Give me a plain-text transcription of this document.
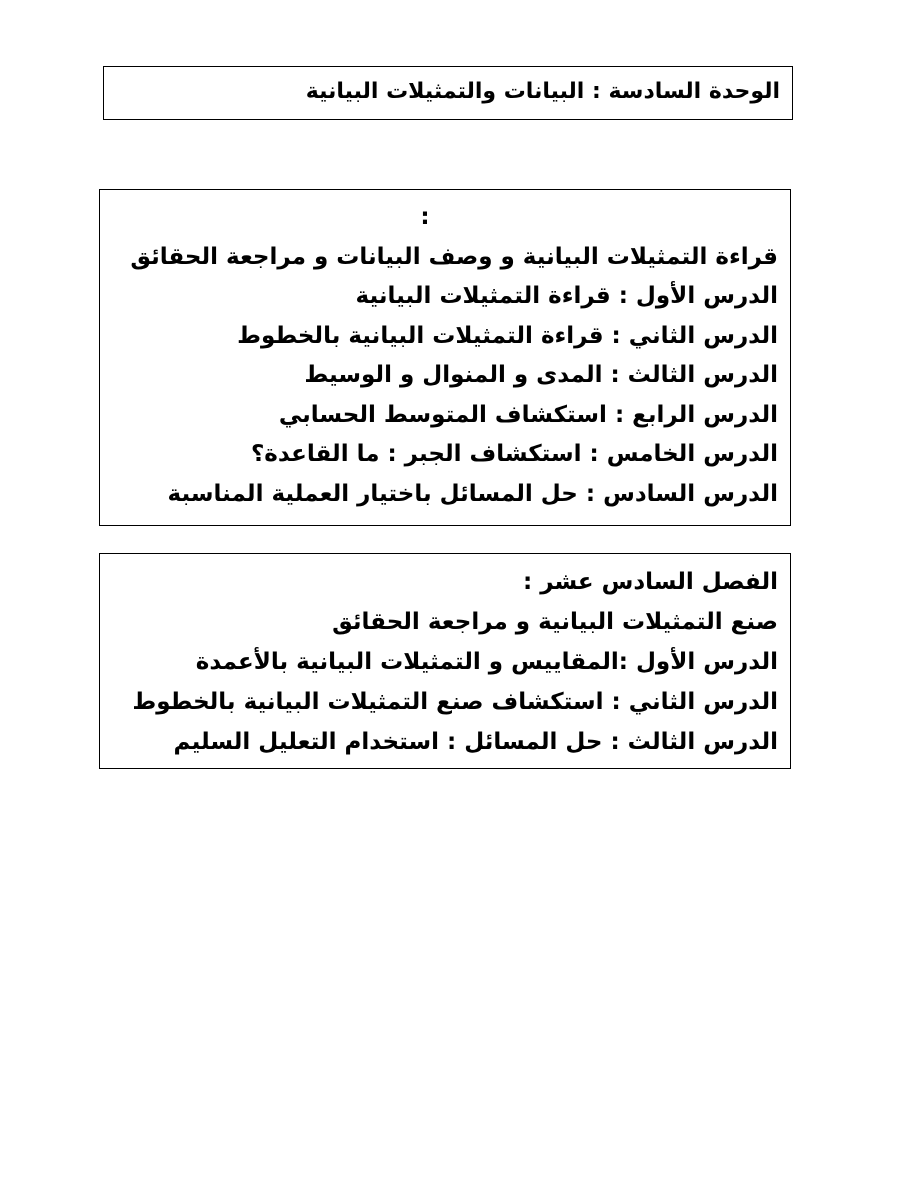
الوحدة السادسة : البيانات والتمثيلات البيانية
:
قراءة التمثيلات البيانية و وصف البيانات و مراجعة الحقائق
الدرس الأول : قراءة التمثيلات البيانية
الدرس الثاني : قراءة التمثيلات البيانية بالخطوط
الدرس الثالث : المدى و المنوال و الوسيط
الدرس الرابع : استكشاف المتوسط الحسابي
الدرس الخامس : استكشاف الجبر : ما القاعدة؟
الدرس السادس : حل المسائل باختيار العملية المناسبة
الفصل السادس عشر :
صنع التمثيلات البيانية و مراجعة الحقائق
الدرس الأول :المقاييس و التمثيلات البيانية بالأعمدة
الدرس الثاني : استكشاف صنع التمثيلات البيانية بالخطوط
الدرس الثالث : حل المسائل : استخدام التعليل السليم
